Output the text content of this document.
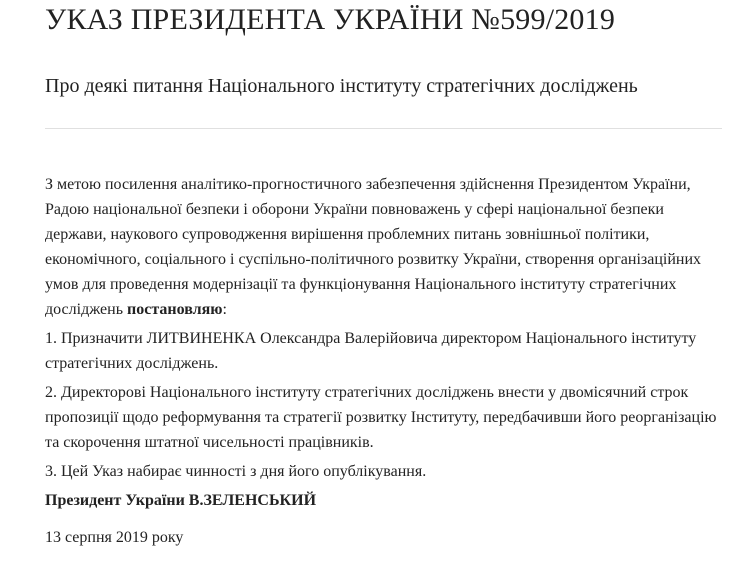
УКАЗ ПРЕЗИДЕНТА УКРАЇНИ №599/2019
Про деякі питання Національного інституту стратегічних досліджень

З метою посилення аналітико-прогностичного забезпечення здійснення Президентом України, Радою національної безпеки і оборони України повноважень у сфері національної безпеки держави, наукового супроводження вирішення проблемних питань зовнішньої політики, економічного, соціального і суспільно-політичного розвитку України, створення організаційних умов для проведення модернізації та функціонування Національного інституту стратегічних досліджень постановляю:

1. Призначити ЛИТВИНЕНКА Олександра Валерійовича директором Національного інституту стратегічних досліджень.

2. Директорові Національного інституту стратегічних досліджень внести у двомісячний строк пропозиції щодо реформування та стратегії розвитку Інституту, передбачивши його реорганізацію та скорочення штатної чисельності працівників.

3. Цей Указ набирає чинності з дня його опублікування.

Президент України В.ЗЕЛЕНСЬКИЙ

13 серпня 2019 року
